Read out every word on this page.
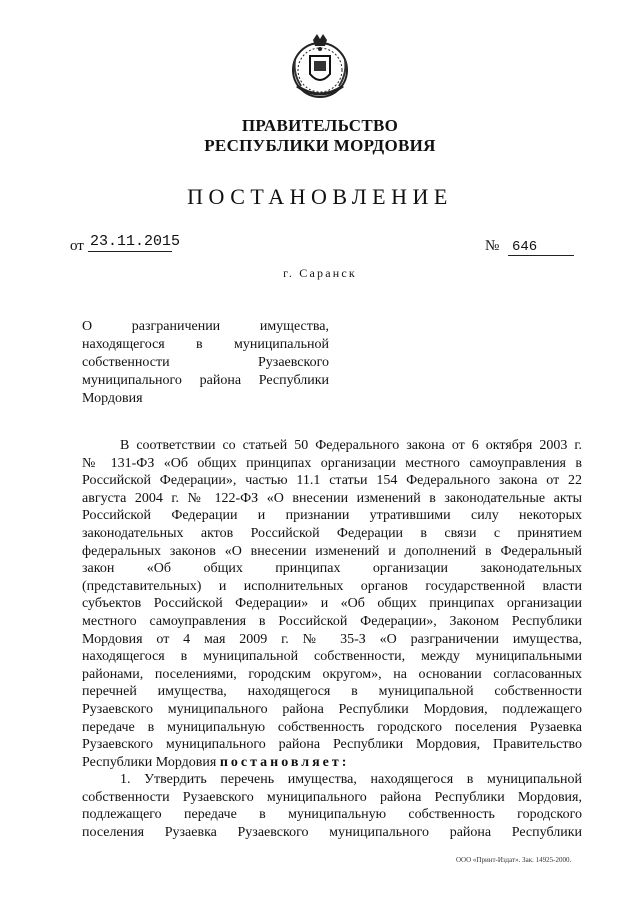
ПРАВИТЕЛЬСТВО
РЕСПУБЛИКИ МОРДОВИЯ
ПОСТАНОВЛЕНИЕ
от 23.11.2015	№ 646
г. Саранск
О разграничении имущества,
находящегося в муниципальной
собственности Рузаевского
муниципального района Республики
Мордовия
В соответствии со статьей 50 Федерального закона от 6 октября 2003 г.
№ 131-ФЗ «Об общих принципах организации местного самоуправления в
Российской Федерации», частью 11.1 статьи 154 Федерального закона от 22
августа 2004 г. № 122-ФЗ «О внесении изменений в законодательные акты
Российской Федерации и признании утратившими силу некоторых
законодательных актов Российской Федерации в связи с принятием
федеральных законов «О внесении изменений и дополнений в Федеральный
закон «Об общих принципах организации законодательных
(представительных) и исполнительных органов государственной власти
субъектов Российской Федерации» и «Об общих принципах организации
местного самоуправления в Российской Федерации», Законом Республики
Мордовия от 4 мая 2009 г. № 35-З «О разграничении имущества,
находящегося в муниципальной собственности, между муниципальными
районами, поселениями, городским округом», на основании согласованных
перечней имущества, находящегося в муниципальной собственности
Рузаевского муниципального района Республики Мордовия, подлежащего
передаче в муниципальную собственность городского поселения Рузаевка
Рузаевского муниципального района Республики Мордовия, Правительство
Республики Мордовия постановляет:
1. Утвердить перечень имущества, находящегося в муниципальной
собственности Рузаевского муниципального района Республики Мордовия,
подлежащего передаче в муниципальную собственность городского
поселения Рузаевка Рузаевского муниципального района Республики
ООО «Принт-Издат». Зак. 14925-2000.
